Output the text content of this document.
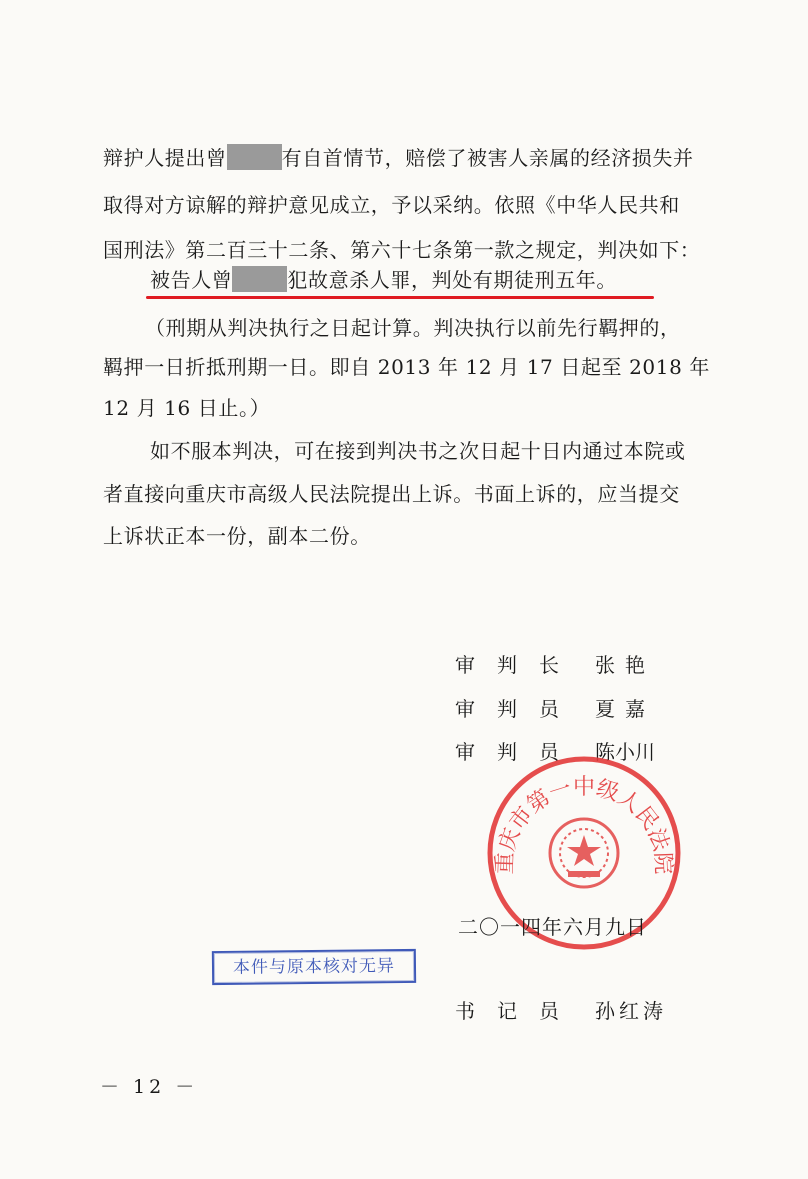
辩护人提出曾	有自首情节，赔偿了被害人亲属的经济损失并
取得对方谅解的辩护意见成立，予以采纳。依照《中华人民共和
国刑法》第二百三十二条、第六十七条第一款之规定，判决如下：
被告人曾	犯故意杀人罪，判处有期徒刑五年。
（刑期从判决执行之日起计算。判决执行以前先行羁押的，
羁押一日折抵刑期一日。即自 2013 年 12 月 17 日起至 2018 年
12 月 16 日止。）
如不服本判决，可在接到判决书之次日起十日内通过本院或
者直接向重庆市高级人民法院提出上诉。书面上诉的，应当提交
上诉状正本一份，副本二份。
审判长 张艳
审判员 夏嘉
审判员 陈小川
重庆市第一中级人民法院
二〇一四年六月九日
本件与原本核对无异
书记员 孙红涛
－ 12 －
